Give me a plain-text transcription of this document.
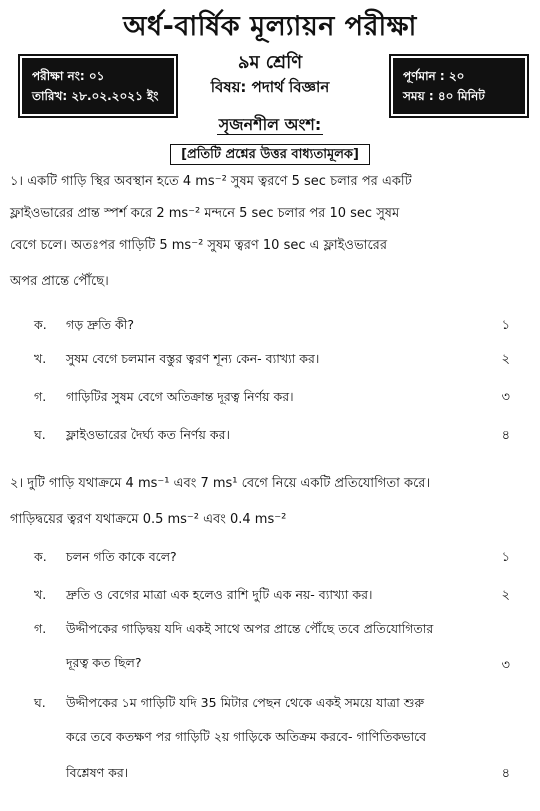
অর্ধ-বার্ষিক মূল্যায়ন পরীক্ষা
পরীক্ষা নং: ০১
তারিখ: ২৮.০২.২০২১ ইং
৯ম শ্রেণি
বিষয়: পদার্থ বিজ্ঞান
পূর্ণমান : ২০
সময় : ৪০ মিনিট
সৃজনশীল অংশ:
[প্রতিটি প্রশ্নের উত্তর বাধ্যতামূলক]
১। একটি গাড়ি স্থির অবস্থান হতে 4 ms⁻² সুষম ত্বরণে 5 sec চলার পর একটি
ফ্লাইওভারের প্রান্ত স্পর্শ করে 2 ms⁻² মন্দনে 5 sec চলার পর 10 sec সুষম
বেগে চলে। অতঃপর গাড়িটি 5 ms⁻² সুষম ত্বরণ 10 sec এ ফ্লাইওভারের
অপর প্রান্তে পৌঁছে।
ক. গড় দ্রুতি কী?	১
খ. সুষম বেগে চলমান বস্তুর ত্বরণ শূন্য কেন- ব্যাখ্যা কর।	২
গ. গাড়িটির সুষম বেগে অতিক্রান্ত দূরত্ব নির্ণয় কর।	৩
ঘ. ফ্লাইওভারের দৈর্ঘ্য কত নির্ণয় কর।	৪
২। দুটি গাড়ি যথাক্রমে 4 ms⁻¹ এবং 7 ms¹ বেগে নিয়ে একটি প্রতিযোগিতা করে।
গাড়িদ্বয়ের ত্বরণ যথাক্রমে 0.5 ms⁻² এবং 0.4 ms⁻²
ক. চলন গতি কাকে বলে?	১
খ. দ্রুতি ও বেগের মাত্রা এক হলেও রাশি দুটি এক নয়- ব্যাখ্যা কর।	২
গ. উদ্দীপকের গাড়িদ্বয় যদি একই সাথে অপর প্রান্তে পৌঁছে তবে প্রতিযোগিতার
দূরত্ব কত ছিল?	৩
ঘ. উদ্দীপকের ১ম গাড়িটি যদি 35 মিটার পেছন থেকে একই সময়ে যাত্রা শুরু
করে তবে কতক্ষণ পর গাড়িটি ২য় গাড়িকে অতিক্রম করবে- গাণিতিকভাবে
বিশ্লেষণ কর।	৪
